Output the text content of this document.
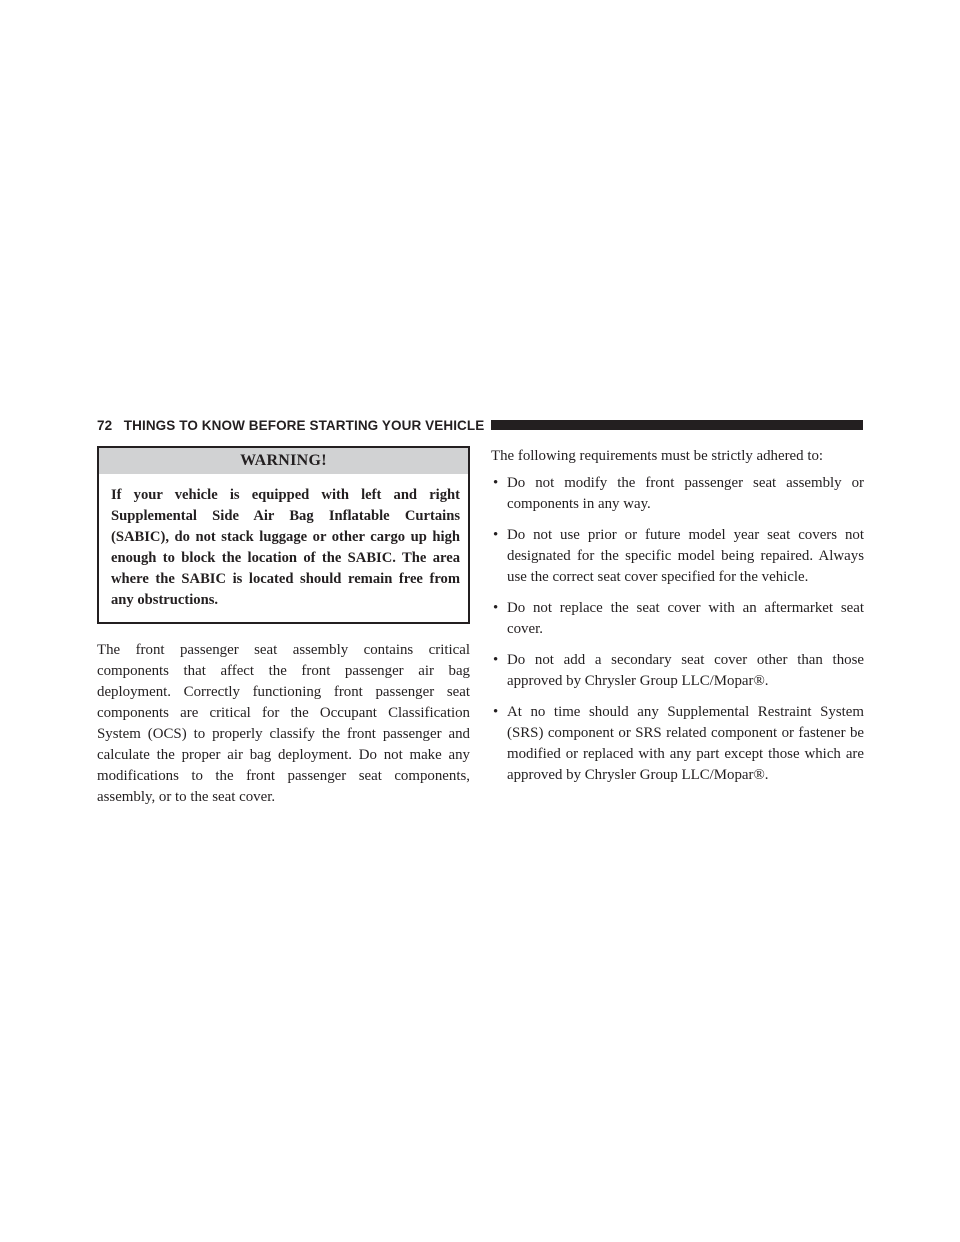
72 THINGS TO KNOW BEFORE STARTING YOUR VEHICLE
WARNING!
If your vehicle is equipped with left and right Supplemental Side Air Bag Inflatable Curtains (SABIC), do not stack luggage or other cargo up high enough to block the location of the SABIC. The area where the SABIC is located should remain free from any obstructions.
The front passenger seat assembly contains critical components that affect the front passenger air bag deployment. Correctly functioning front passenger seat components are critical for the Occupant Classification System (OCS) to properly classify the front passenger and calculate the proper air bag deployment. Do not make any modifications to the front passenger seat components, assembly, or to the seat cover.

The following requirements must be strictly adhered to:

• Do not modify the front passenger seat assembly or components in any way.
• Do not use prior or future model year seat covers not designated for the specific model being repaired. Always use the correct seat cover specified for the vehicle.
• Do not replace the seat cover with an aftermarket seat cover.
• Do not add a secondary seat cover other than those approved by Chrysler Group LLC/Mopar®.
• At no time should any Supplemental Restraint System (SRS) component or SRS related component or fastener be modified or replaced with any part except those which are approved by Chrysler Group LLC/Mopar®.
